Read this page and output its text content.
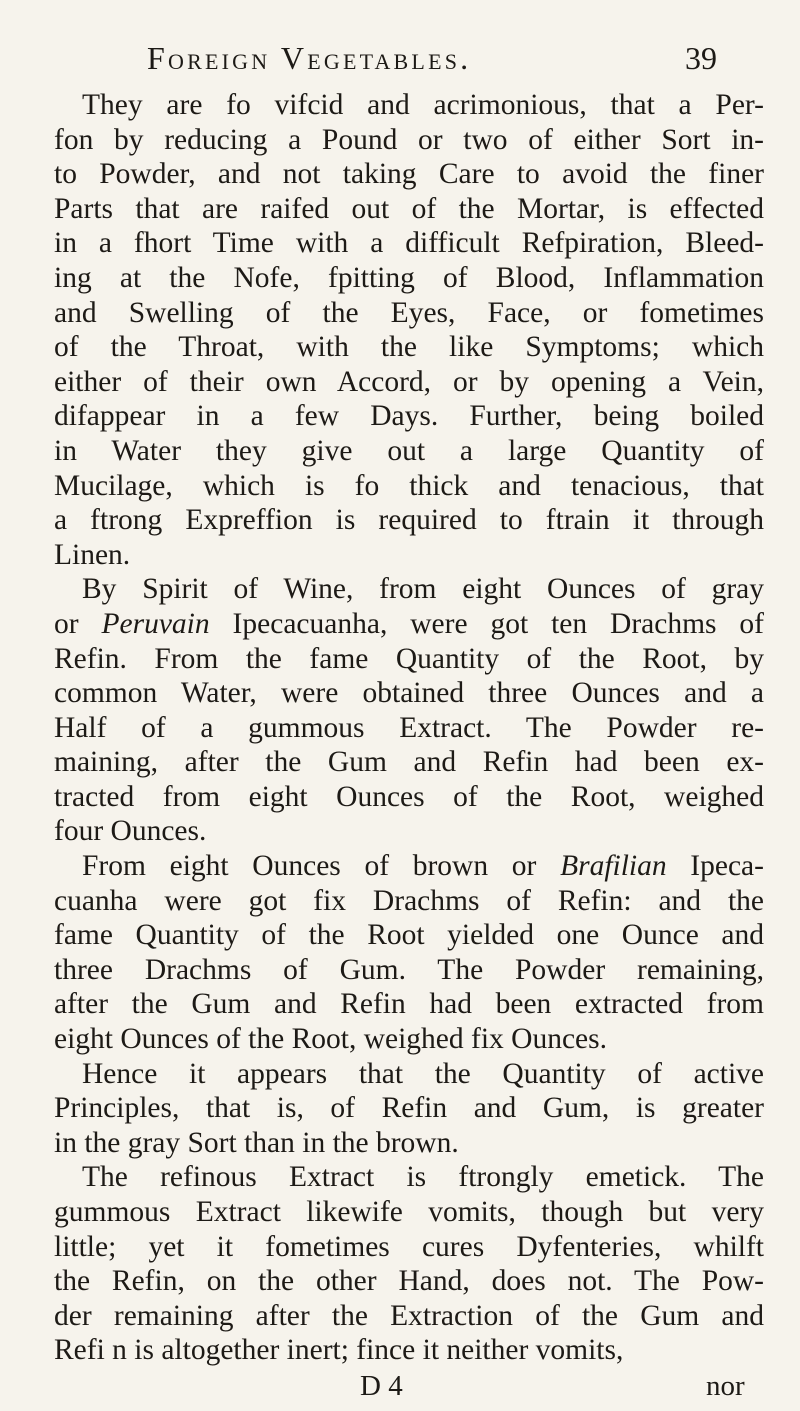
Foreign Vegetables.	39
D 4	nor
They are fo vifcid and acrimonious, that a Per-
fon by reducing a Pound or two of either Sort in-
to Powder, and not taking Care to avoid the finer
Parts that are raifed out of the Mortar, is effected
in a fhort Time with a difficult Refpiration, Bleed-
ing at the Nofe, fpitting of Blood, Inflammation
and Swelling of the Eyes, Face, or fometimes
of the Throat, with the like Symptoms; which
either of their own Accord, or by opening a Vein,
difappear in a few Days. Further, being boiled
in Water they give out a large Quantity of
Mucilage, which is fo thick and tenacious, that
a ftrong Expreffion is required to ftrain it through
Linen.
By Spirit of Wine, from eight Ounces of gray
or Peruvain Ipecacuanha, were got ten Drachms of
Refin. From the fame Quantity of the Root, by
common Water, were obtained three Ounces and a
Half of a gummous Extract. The Powder re-
maining, after the Gum and Refin had been ex-
tracted from eight Ounces of the Root, weighed
four Ounces.
From eight Ounces of brown or Brafilian Ipeca-
cuanha were got fix Drachms of Refin: and the
fame Quantity of the Root yielded one Ounce and
three Drachms of Gum. The Powder remaining,
after the Gum and Refin had been extracted from
eight Ounces of the Root, weighed fix Ounces.
Hence it appears that the Quantity of active
Principles, that is, of Refin and Gum, is greater
in the gray Sort than in the brown.
The refinous Extract is ftrongly emetick. The
gummous Extract likewife vomits, though but very
little; yet it fometimes cures Dyfenteries, whilft
the Refin, on the other Hand, does not. The Pow-
der remaining after the Extraction of the Gum and
Refi n is altogether inert; fince it neither vomits,
